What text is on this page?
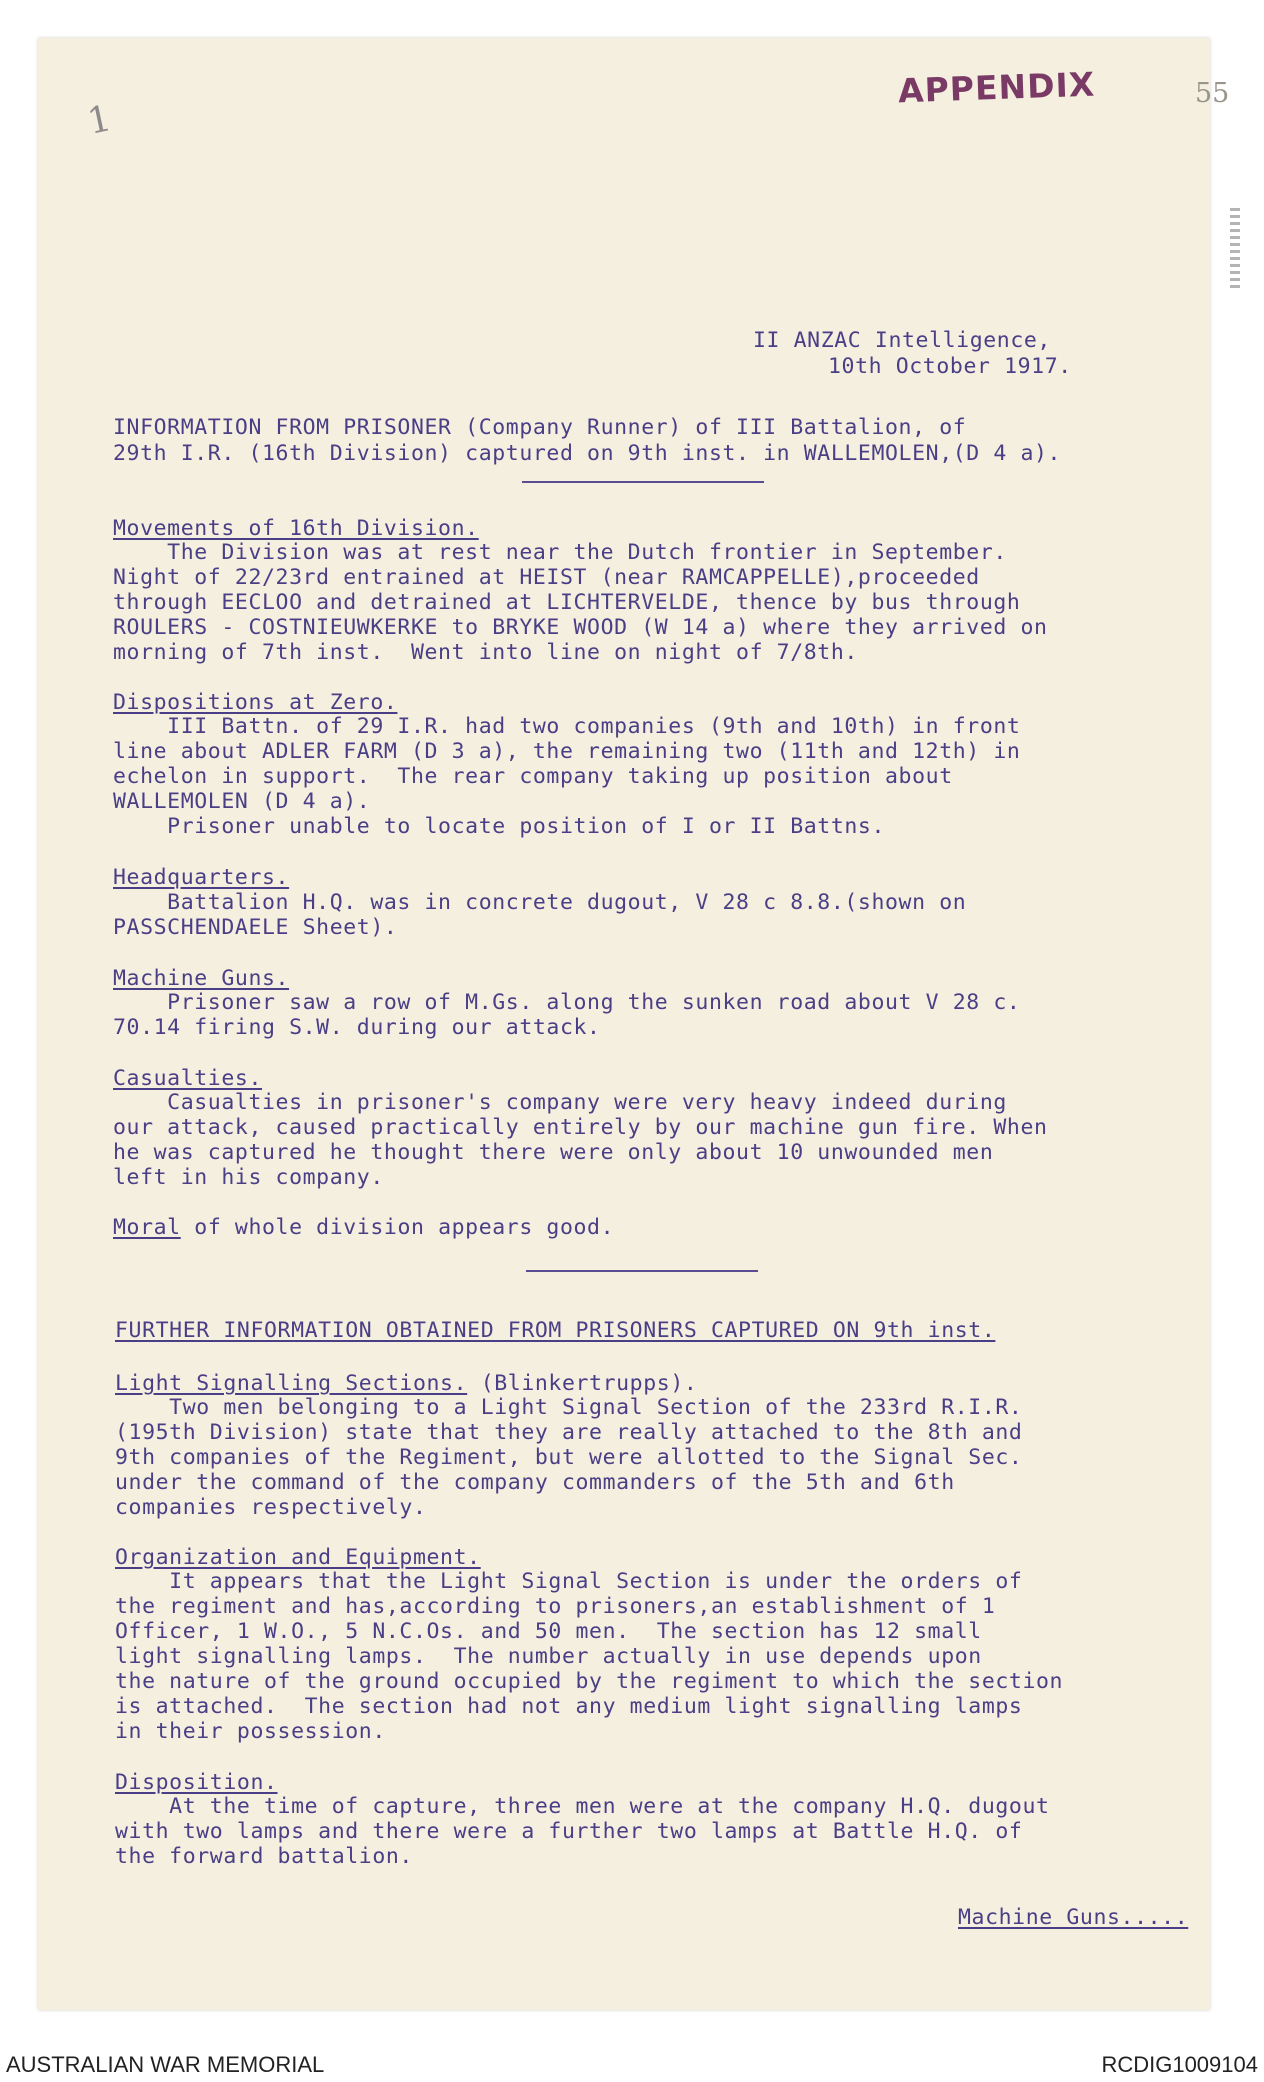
1
APPENDIX	55
II ANZAC Intelligence,
10th October 1917.
INFORMATION FROM PRISONER (Company Runner) of III Battalion, of
29th I.R. (16th Division) captured on 9th inst. in WALLEMOLEN,(D 4 a).
Movements of 16th Division.
The Division was at rest near the Dutch frontier in September.
Night of 22/23rd entrained at HEIST (near RAMCAPPELLE),proceeded
through EECLOO and detrained at LICHTERVELDE, thence by bus through
ROULERS - COSTNIEUWKERKE to BRYKE WOOD (W 14 a) where they arrived on
morning of 7th inst.  Went into line on night of 7/8th.
Dispositions at Zero.
III Battn. of 29 I.R. had two companies (9th and 10th) in front
line about ADLER FARM (D 3 a), the remaining two (11th and 12th) in
echelon in support.  The rear company taking up position about
WALLEMOLEN (D 4 a).
Prisoner unable to locate position of I or II Battns.
Headquarters.
Battalion H.Q. was in concrete dugout, V 28 c 8.8.(shown on
PASSCHENDAELE Sheet).
Machine Guns.
Prisoner saw a row of M.Gs. along the sunken road about V 28 c.
70.14 firing S.W. during our attack.
Casualties.
Casualties in prisoner's company were very heavy indeed during
our attack, caused practically entirely by our machine gun fire. When
he was captured he thought there were only about 10 unwounded men
left in his company.
Moral of whole division appears good.
FURTHER INFORMATION OBTAINED FROM PRISONERS CAPTURED ON 9th inst.
Light Signalling Sections. (Blinkertrupps).
Two men belonging to a Light Signal Section of the 233rd R.I.R.
(195th Division) state that they are really attached to the 8th and
9th companies of the Regiment, but were allotted to the Signal Sec.
under the command of the company commanders of the 5th and 6th
companies respectively.
Organization and Equipment.
It appears that the Light Signal Section is under the orders of
the regiment and has,according to prisoners,an establishment of 1
Officer, 1 W.O., 5 N.C.Os. and 50 men.  The section has 12 small
light signalling lamps.  The number actually in use depends upon
the nature of the ground occupied by the regiment to which the section
is attached.  The section had not any medium light signalling lamps
in their possession.
Disposition.
At the time of capture, three men were at the company H.Q. dugout
with two lamps and there were a further two lamps at Battle H.Q. of
the forward battalion.
Machine Guns.....
AUSTRALIAN WAR MEMORIAL	RCDIG1009104
